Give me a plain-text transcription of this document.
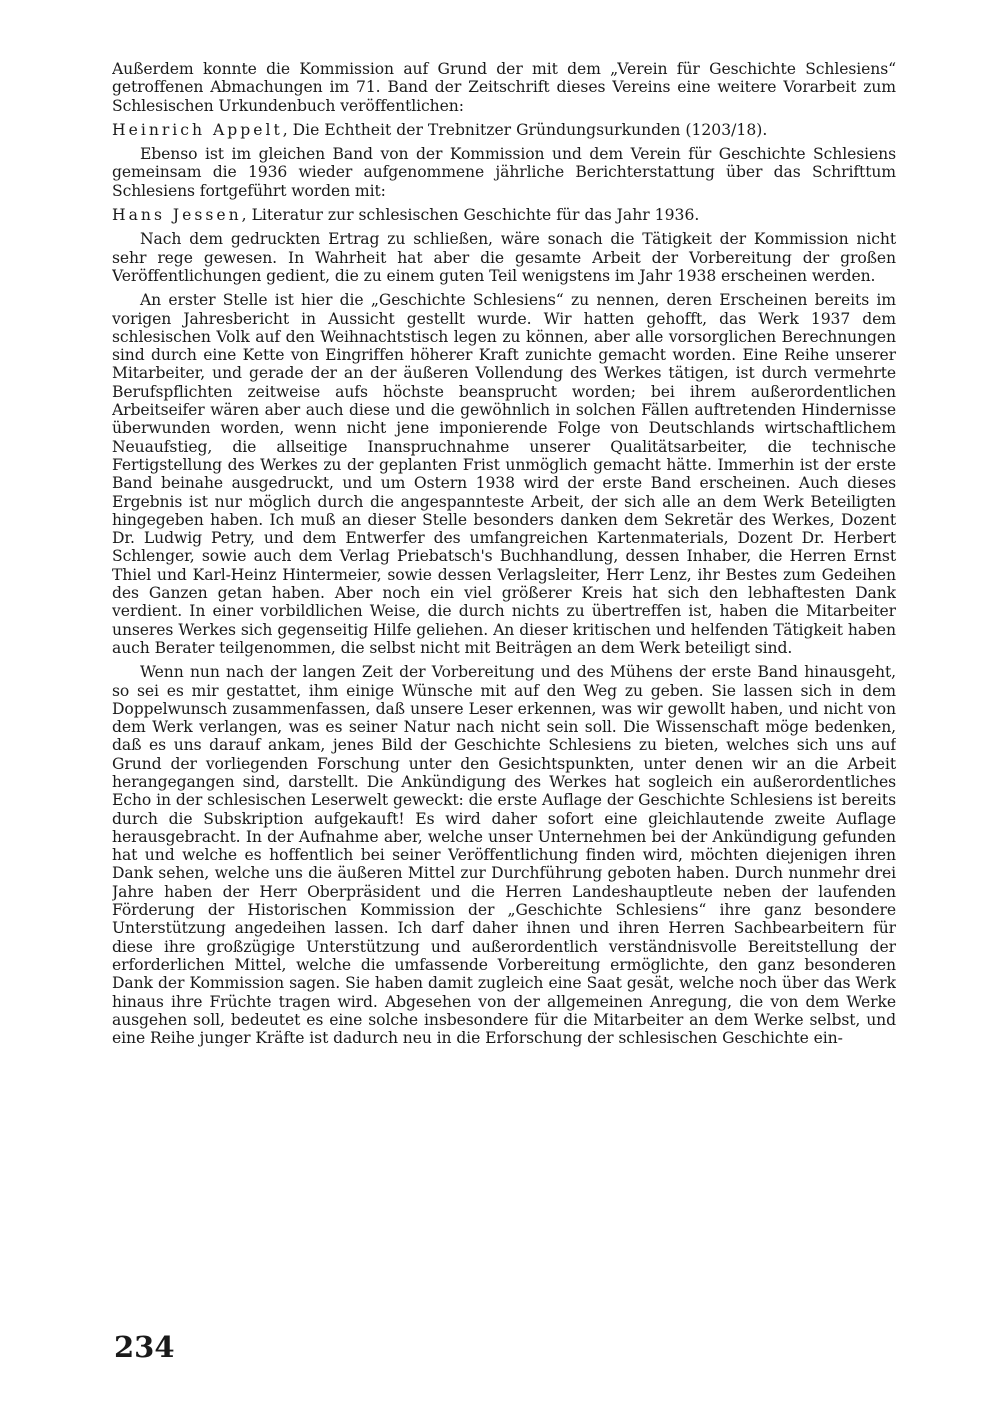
Außerdem konnte die Kommission auf Grund der mit dem „Verein für Geschichte Schlesiens“ getroffenen Abmachungen im 71. Band der Zeitschrift dieses Vereins eine weitere Vorarbeit zum Schlesischen Urkundenbuch veröffentlichen:

Heinrich Appelt, Die Echtheit der Trebnitzer Gründungsurkunden (1203/18).

Ebenso ist im gleichen Band von der Kommission und dem Verein für Geschichte Schlesiens gemeinsam die 1936 wieder aufgenommene jährliche Berichterstattung über das Schrifttum Schlesiens fortgeführt worden mit:

Hans Jessen, Literatur zur schlesischen Geschichte für das Jahr 1936.

Nach dem gedruckten Ertrag zu schließen, wäre sonach die Tätigkeit der Kommission nicht sehr rege gewesen. In Wahrheit hat aber die gesamte Arbeit der Vorbereitung der großen Veröffentlichungen gedient, die zu einem guten Teil wenigstens im Jahr 1938 erscheinen werden.

An erster Stelle ist hier die „Geschichte Schlesiens“ zu nennen, deren Erscheinen bereits im vorigen Jahresbericht in Aussicht gestellt wurde. Wir hatten gehofft, das Werk 1937 dem schlesischen Volk auf den Weihnachtstisch legen zu können, aber alle vorsorglichen Berechnungen sind durch eine Kette von Eingriffen höherer Kraft zunichte gemacht worden. Eine Reihe unserer Mitarbeiter, und gerade der an der äußeren Vollendung des Werkes tätigen, ist durch vermehrte Berufspflichten zeitweise aufs höchste beansprucht worden; bei ihrem außerordentlichen Arbeitseifer wären aber auch diese und die gewöhnlich in solchen Fällen auftretenden Hindernisse überwunden worden, wenn nicht jene imponierende Folge von Deutschlands wirtschaftlichem Neuaufstieg, die allseitige Inanspruchnahme unserer Qualitätsarbeiter, die technische Fertigstellung des Werkes zu der geplanten Frist unmöglich gemacht hätte. Immerhin ist der erste Band beinahe ausgedruckt, und um Ostern 1938 wird der erste Band erscheinen. Auch dieses Ergebnis ist nur möglich durch die angespannteste Arbeit, der sich alle an dem Werk Beteiligten hingegeben haben. Ich muß an dieser Stelle besonders danken dem Sekretär des Werkes, Dozent Dr. Ludwig Petry, und dem Entwerfer des umfangreichen Kartenmaterials, Dozent Dr. Herbert Schlenger, sowie auch dem Verlag Priebatsch's Buchhandlung, dessen Inhaber, die Herren Ernst Thiel und Karl-Heinz Hintermeier, sowie dessen Verlagsleiter, Herr Lenz, ihr Bestes zum Gedeihen des Ganzen getan haben. Aber noch ein viel größerer Kreis hat sich den lebhaftesten Dank verdient. In einer vorbildlichen Weise, die durch nichts zu übertreffen ist, haben die Mitarbeiter unseres Werkes sich gegenseitig Hilfe geliehen. An dieser kritischen und helfenden Tätigkeit haben auch Berater teilgenommen, die selbst nicht mit Beiträgen an dem Werk beteiligt sind.

Wenn nun nach der langen Zeit der Vorbereitung und des Mühens der erste Band hinausgeht, so sei es mir gestattet, ihm einige Wünsche mit auf den Weg zu geben. Sie lassen sich in dem Doppelwunsch zusammenfassen, daß unsere Leser erkennen, was wir gewollt haben, und nicht von dem Werk verlangen, was es seiner Natur nach nicht sein soll. Die Wissenschaft möge bedenken, daß es uns darauf ankam, jenes Bild der Geschichte Schlesiens zu bieten, welches sich uns auf Grund der vorliegenden Forschung unter den Gesichtspunkten, unter denen wir an die Arbeit herangegangen sind, darstellt. Die Ankündigung des Werkes hat sogleich ein außerordentliches Echo in der schlesischen Leserwelt geweckt: die erste Auflage der Geschichte Schlesiens ist bereits durch die Subskription aufgekauft! Es wird daher sofort eine gleichlautende zweite Auflage herausgebracht. In der Aufnahme aber, welche unser Unternehmen bei der Ankündigung gefunden hat und welche es hoffentlich bei seiner Veröffentlichung finden wird, möchten diejenigen ihren Dank sehen, welche uns die äußeren Mittel zur Durchführung geboten haben. Durch nunmehr drei Jahre haben der Herr Oberpräsident und die Herren Landeshauptleute neben der laufenden Förderung der Historischen Kommission der „Geschichte Schlesiens“ ihre ganz besondere Unterstützung angedeihen lassen. Ich darf daher ihnen und ihren Herren Sachbearbeitern für diese ihre großzügige Unterstützung und außerordentlich verständnisvolle Bereitstellung der erforderlichen Mittel, welche die umfassende Vorbereitung ermöglichte, den ganz besonderen Dank der Kommission sagen. Sie haben damit zugleich eine Saat gesät, welche noch über das Werk hinaus ihre Früchte tragen wird. Abgesehen von der allgemeinen Anregung, die von dem Werke ausgehen soll, bedeutet es eine solche insbesondere für die Mitarbeiter an dem Werke selbst, und eine Reihe junger Kräfte ist dadurch neu in die Erforschung der schlesischen Geschichte ein-

234
